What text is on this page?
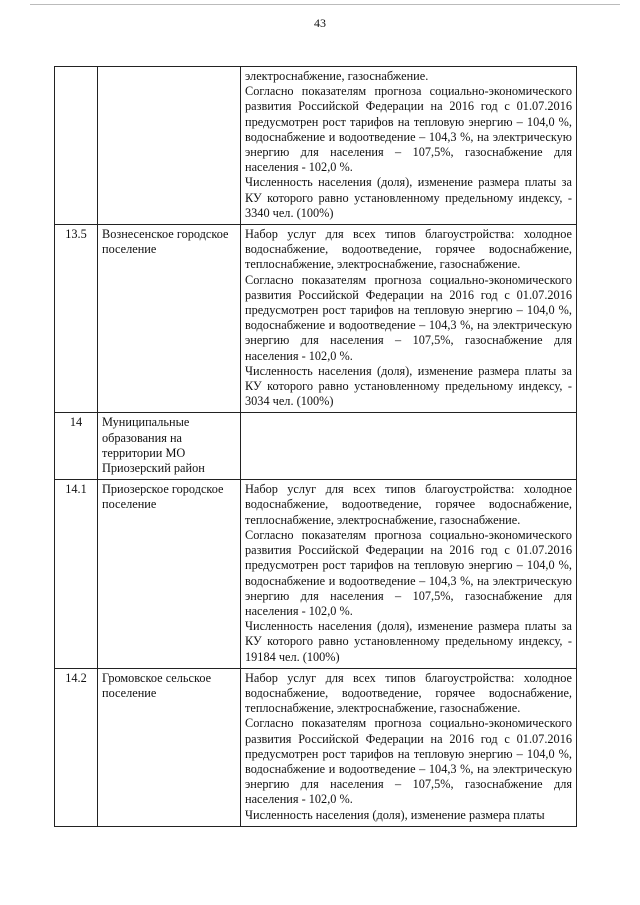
43

		электроснабжение, газоснабжение.
Согласно показателям прогноза социально-экономического развития Российской Федерации на 2016 год с 01.07.2016 предусмотрен рост тарифов на тепловую энергию – 104,0 %, водоснабжение и водоотведение – 104,3 %, на электрическую энергию для населения – 107,5%, газоснабжение для населения - 102,0 %.
Численность населения (доля), изменение размера платы за КУ которого равно установленному предельному индексу, - 3340 чел. (100%)

13.5	Вознесенское городское поселение	Набор услуг для всех типов благоустройства: холодное водоснабжение, водоотведение, горячее водоснабжение, теплоснабжение, электроснабжение, газоснабжение.
Согласно показателям прогноза социально-экономического развития Российской Федерации на 2016 год с 01.07.2016 предусмотрен рост тарифов на тепловую энергию – 104,0 %, водоснабжение и водоотведение – 104,3 %, на электрическую энергию для населения – 107,5%, газоснабжение для населения - 102,0 %.
Численность населения (доля), изменение размера платы за КУ которого равно установленному предельному индексу, - 3034 чел. (100%)

14	Муниципальные образования на территории МО Приозерский район	
14.1	Приозерское городское поселение	Набор услуг для всех типов благоустройства: холодное водоснабжение, водоотведение, горячее водоснабжение, теплоснабжение, электроснабжение, газоснабжение.
Согласно показателям прогноза социально-экономического развития Российской Федерации на 2016 год с 01.07.2016 предусмотрен рост тарифов на тепловую энергию – 104,0 %, водоснабжение и водоотведение – 104,3 %, на электрическую энергию для населения – 107,5%, газоснабжение для населения - 102,0 %.
Численность населения (доля), изменение размера платы за КУ которого равно установленному предельному индексу, - 19184 чел. (100%)

14.2	Громовское сельское поселение	Набор услуг для всех типов благоустройства: холодное водоснабжение, водоотведение, горячее водоснабжение, теплоснабжение, электроснабжение, газоснабжение.
Согласно показателям прогноза социально-экономического развития Российской Федерации на 2016 год с 01.07.2016 предусмотрен рост тарифов на тепловую энергию – 104,0 %, водоснабжение и водоотведение – 104,3 %, на электрическую энергию для населения – 107,5%, газоснабжение для населения - 102,0 %.
Численность населения (доля), изменение размера платы
